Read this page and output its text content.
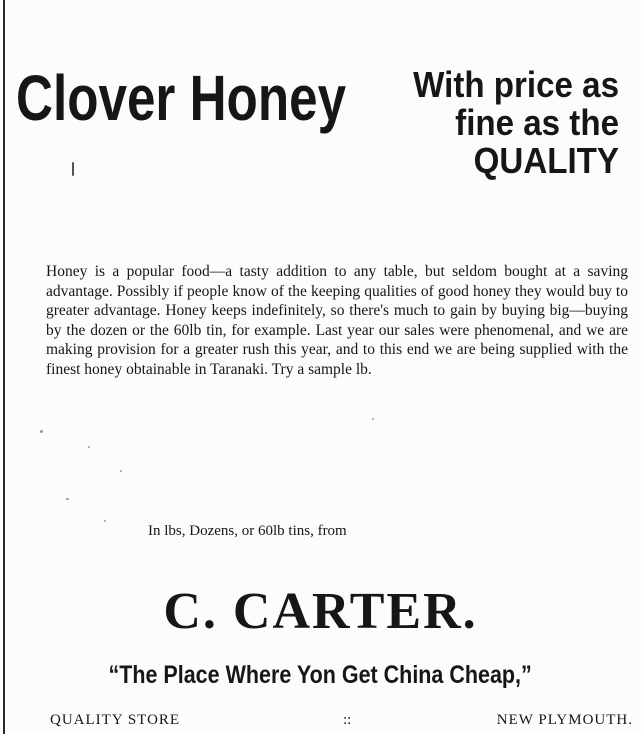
Clover Honey	With price as
fine as the
QUALITY
Honey is a popular food—a tasty addition to any table, but seldom bought at a saving advantage. Possibly if people know of the keeping qualities of good honey they would buy to greater advantage. Honey keeps indefinitely, so there's much to gain by buying big—buying by the dozen or the 60lb tin, for example. Last year our sales were phenomenal, and we are making provision for a greater rush this year, and to this end we are being supplied with the finest honey obtainable in Taranaki. Try a sample lb.
In lbs, Dozens, or 60lb tins, from
C. CARTER.
“The Place Where Yon Get China Cheap,”
QUALITY STORE	::	NEW PLYMOUTH.
